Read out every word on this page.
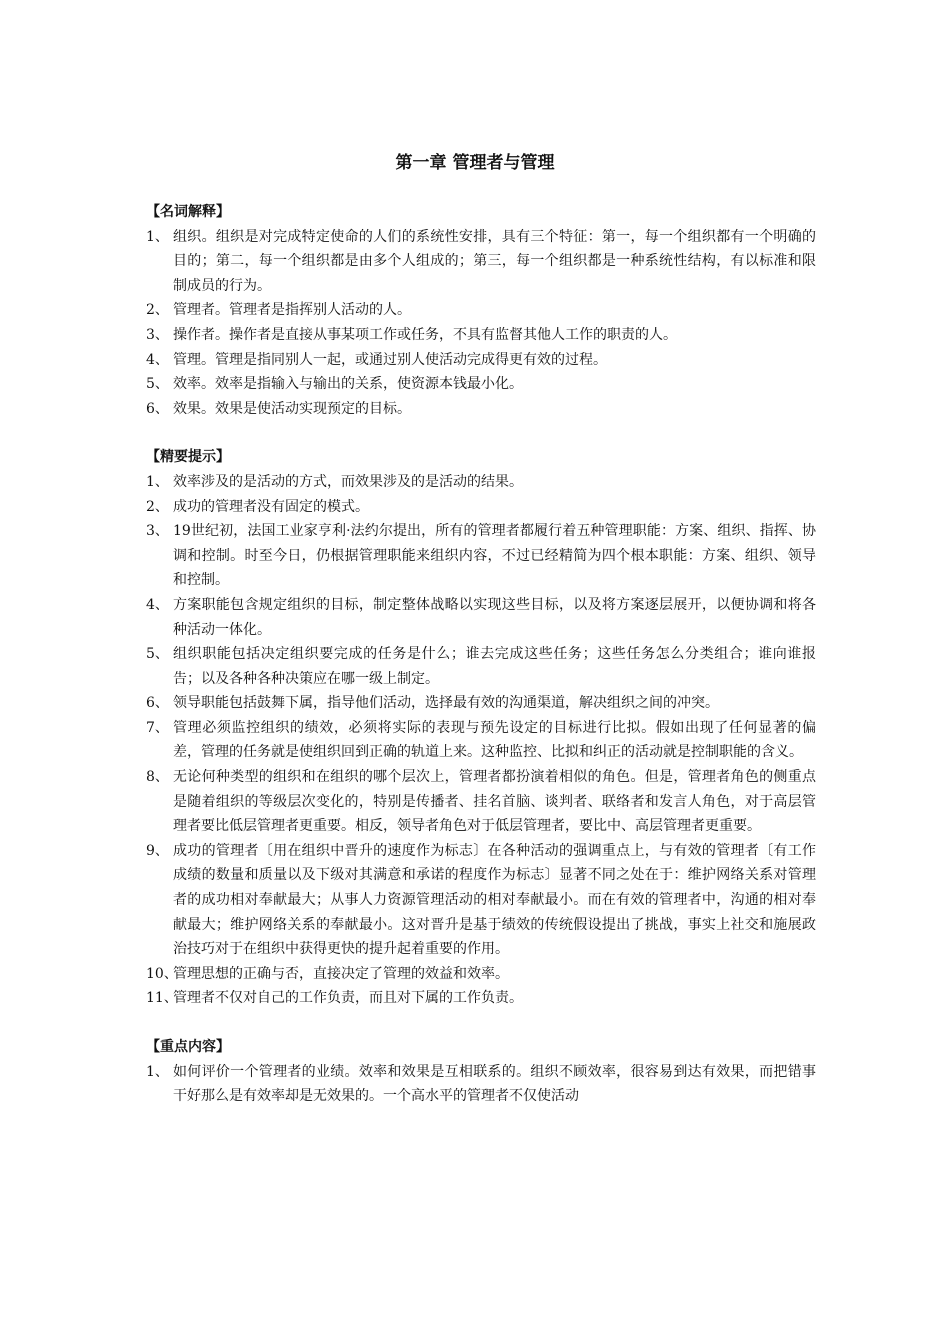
第一章 管理者与管理
【名词解释】
1、 组织。组织是对完成特定使命的人们的系统性安排，具有三个特征：第一，每一个组织都有一个明确的目的；第二，每一个组织都是由多个人组成的；第三，每一个组织都是一种系统性结构，有以标准和限制成员的行为。
2、 管理者。管理者是指挥别人活动的人。
3、 操作者。操作者是直接从事某项工作或任务，不具有监督其他人工作的职责的人。
4、 管理。管理是指同别人一起，或通过别人使活动完成得更有效的过程。
5、 效率。效率是指输入与输出的关系，使资源本钱最小化。
6、 效果。效果是使活动实现预定的目标。
【精要提示】
1、 效率涉及的是活动的方式，而效果涉及的是活动的结果。
2、 成功的管理者没有固定的模式。
3、 19世纪初，法国工业家亨利·法约尔提出，所有的管理者都履行着五种管理职能：方案、组织、指挥、协调和控制。时至今日，仍根据管理职能来组织内容，不过已经精简为四个根本职能：方案、组织、领导和控制。
4、 方案职能包含规定组织的目标，制定整体战略以实现这些目标，以及将方案逐层展开，以便协调和将各种活动一体化。
5、 组织职能包括决定组织要完成的任务是什么；谁去完成这些任务；这些任务怎么分类组合；谁向谁报告；以及各种各种决策应在哪一级上制定。
6、 领导职能包括鼓舞下属，指导他们活动，选择最有效的沟通渠道，解决组织之间的冲突。
7、 管理必须监控组织的绩效，必须将实际的表现与预先设定的目标进行比拟。假如出现了任何显著的偏差，管理的任务就是使组织回到正确的轨道上来。这种监控、比拟和纠正的活动就是控制职能的含义。
8、 无论何种类型的组织和在组织的哪个层次上，管理者都扮演着相似的角色。但是，管理者角色的侧重点是随着组织的等级层次变化的，特别是传播者、挂名首脑、谈判者、联络者和发言人角色，对于高层管理者要比低层管理者更重要。相反，领导者角色对于低层管理者，要比中、高层管理者更重要。
9、 成功的管理者〔用在组织中晋升的速度作为标志〕在各种活动的强调重点上，与有效的管理者〔有工作成绩的数量和质量以及下级对其满意和承诺的程度作为标志〕显著不同之处在于：维护网络关系对管理者的成功相对奉献最大；从事人力资源管理活动的相对奉献最小。而在有效的管理者中，沟通的相对奉献最大；维护网络关系的奉献最小。这对晋升是基于绩效的传统假设提出了挑战，事实上社交和施展政治技巧对于在组织中获得更快的提升起着重要的作用。
10、
管理思想的正确与否，直接决定了管理的效益和效率。
11、
管理者不仅对自己的工作负责，而且对下属的工作负责。
【重点内容】
1、 如何评价一个管理者的业绩。效率和效果是互相联系的。组织不顾效率，很容易到达有效果，而把错事干好那么是有效率却是无效果的。一个高水平的管理者不仅使活动
